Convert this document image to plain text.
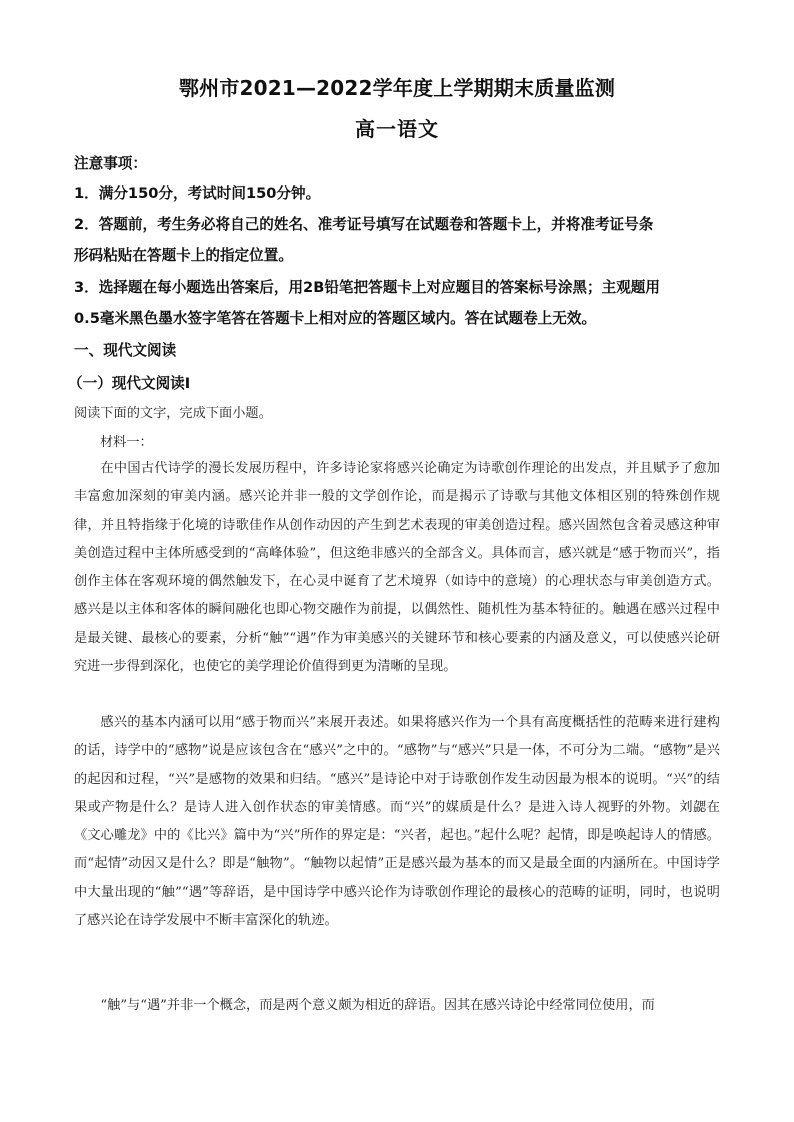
鄂州市2021—2022学年度上学期期末质量监测
高一语文
注意事项：
1．满分150分，考试时间150分钟。
2．答题前，考生务必将自己的姓名、准考证号填写在试题卷和答题卡上，并将准考证号条
形码粘贴在答题卡上的指定位置。
3．选择题在每小题选出答案后，用2B铅笔把答题卡上对应题目的答案标号涂黑；主观题用
0.5毫米黑色墨水签字笔答在答题卡上相对应的答题区域内。答在试题卷上无效。
一、现代文阅读
（一）现代文阅读Ⅰ
阅读下面的文字，完成下面小题。
材料一：

在中国古代诗学的漫长发展历程中，许多诗论家将感兴论确定为诗歌创作理论的出发点，并且赋予了愈加丰富愈加深刻的审美内涵。感兴论并非一般的文学创作论，而是揭示了诗歌与其他文体相区别的特殊创作规律，并且特指缘于化境的诗歌佳作从创作动因的产生到艺术表现的审美创造过程。感兴固然包含着灵感这种审美创造过程中主体所感受到的“高峰体验”，但这绝非感兴的全部含义。具体而言，感兴就是“感于物而兴”，指创作主体在客观环境的偶然触发下，在心灵中诞育了艺术境界（如诗中的意境）的心理状态与审美创造方式。感兴是以主体和客体的瞬间融化也即心物交融作为前提，以偶然性、随机性为基本特征的。触遇在感兴过程中是最关键、最核心的要素，分析“触”“遇”作为审美感兴的关键环节和核心要素的内涵及意义，可以使感兴论研究进一步得到深化，也使它的美学理论价值得到更为清晰的呈现。

感兴的基本内涵可以用“感于物而兴”来展开表述。如果将感兴作为一个具有高度概括性的范畴来进行建构的话，诗学中的“感物”说是应该包含在“感兴”之中的。“感物”与“感兴”只是一体，不可分为二端。“感物”是兴的起因和过程，“兴”是感物的效果和归结。“感兴”是诗论中对于诗歌创作发生动因最为根本的说明。“兴”的结果或产物是什么？是诗人进入创作状态的审美情感。而“兴”的媒质是什么？是进入诗人视野的外物。刘勰在《文心雕龙》中的《比兴》篇中为“兴”所作的界定是：“兴者，起也。”起什么呢？起情，即是唤起诗人的情感。而“起情”动因又是什么？即是“触物”。“触物以起情”正是感兴最为基本的而又是最全面的内涵所在。中国诗学中大量出现的“触”“遇”等辞语，是中国诗学中感兴论作为诗歌创作理论的最核心的范畴的证明，同时，也说明了感兴论在诗学发展中不断丰富深化的轨迹。

“触”与“遇”并非一个概念，而是两个意义颇为相近的辞语。因其在感兴诗论中经常同位使用，而
